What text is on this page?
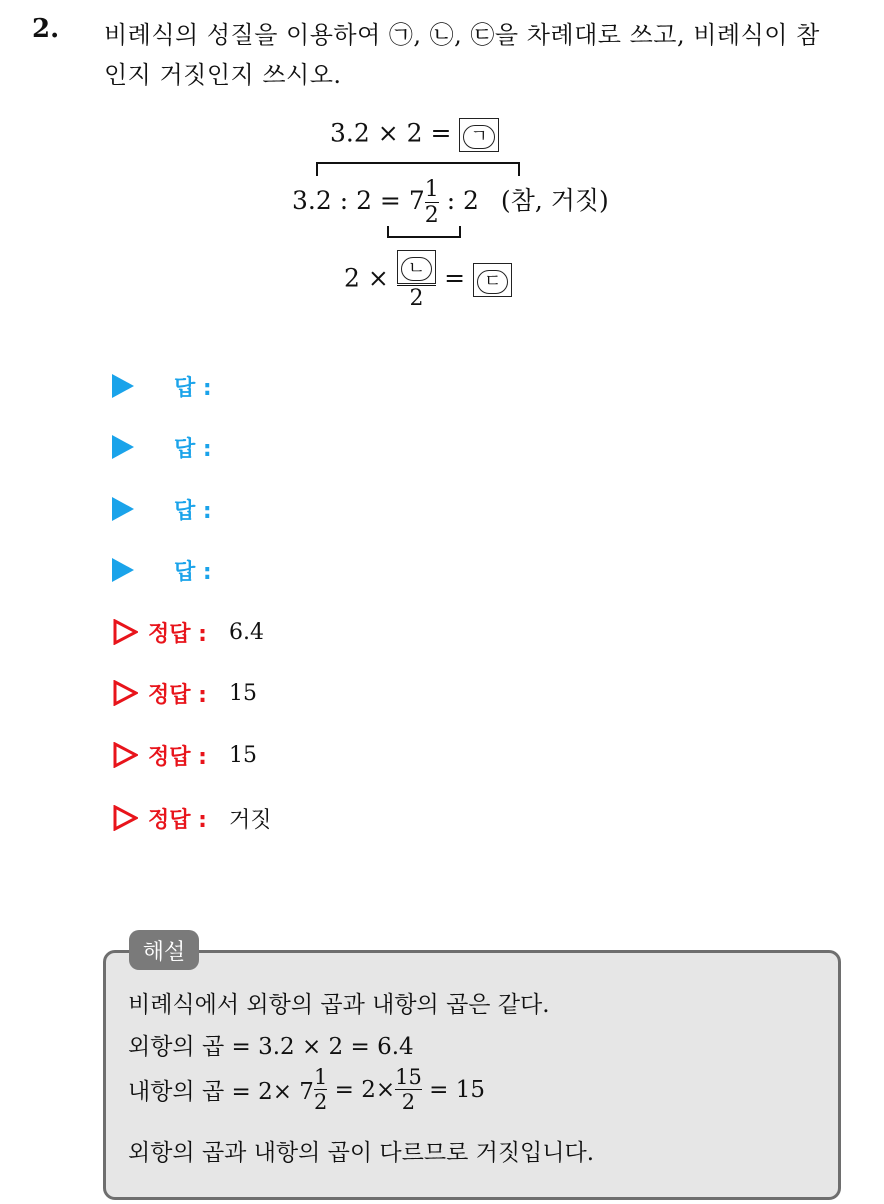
2. 비례식의 성질을 이용하여 ㉠, ㉡, ㉢을 차례대로 쓰고, 비례식이 참
인지 거짓인지 쓰시오.
3.2 × 2 = ㄱ
3.2 : $2 = 7 \frac{1}{2}$ : 2 (참, 거짓)
$2 \times \frac{\text{ㄴ}}{2}$ = ㄷ
답 :
답 :
답 :
답 :
정답 : 6.4
정답 : 15
정답 : 15
정답 : 거짓
해설
비례식에서 외항의 곱과 내항의 곱은 같다.
외항의 곱 = 3.2 × 2 = 6.4
내항의 곱 = $2\times 7 \frac{1}{2} = 2\times \frac{15}{2} = 15$
외항의 곱과 내항의 곱이 다르므로 거짓입니다.
